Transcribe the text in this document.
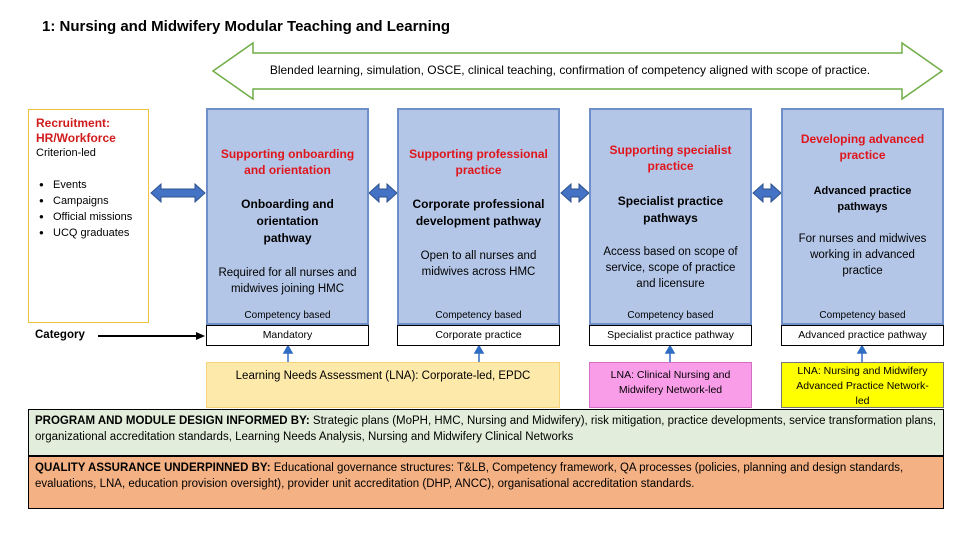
1: Nursing and Midwifery Modular Teaching and Learning
Blended learning, simulation, OSCE, clinical teaching, confirmation of competency aligned with scope of practice.
Recruitment:
HR/Workforce
Criterion-led
● Events
● Campaigns
● Official missions
● UCQ graduates
Supporting onboarding
and orientation
Onboarding and
orientation
pathway
Required for all nurses and
midwives joining HMC
Competency based
Supporting professional
practice
Corporate professional
development pathway
Open to all nurses and
midwives across HMC
Competency based
Supporting specialist
practice
Specialist practice
pathways
Access based on scope of
service, scope of practice
and licensure
Competency based
Developing advanced
practice
Advanced practice
pathways
For nurses and midwives
working in advanced
practice
Competency based
Category	Mandatory	Corporate practice	Specialist practice pathway	Advanced practice pathway
Learning Needs Assessment (LNA): Corporate-led, EPDC	LNA: Clinical Nursing and
Midwifery Network-led
LNA: Nursing and Midwifery
Advanced Practice Network-
led
PROGRAM AND MODULE DESIGN INFORMED BY: Strategic plans (MoPH, HMC, Nursing and Midwifery), risk mitigation, practice developments, service transformation plans, organizational accreditation standards, Learning Needs Analysis, Nursing and Midwifery Clinical Networks
QUALITY ASSURANCE UNDERPINNED BY: Educational governance structures: T&LB, Competency framework, QA processes (policies, planning and design standards, evaluations, LNA, education provision oversight), provider unit accreditation (DHP, ANCC), organisational accreditation standards.
